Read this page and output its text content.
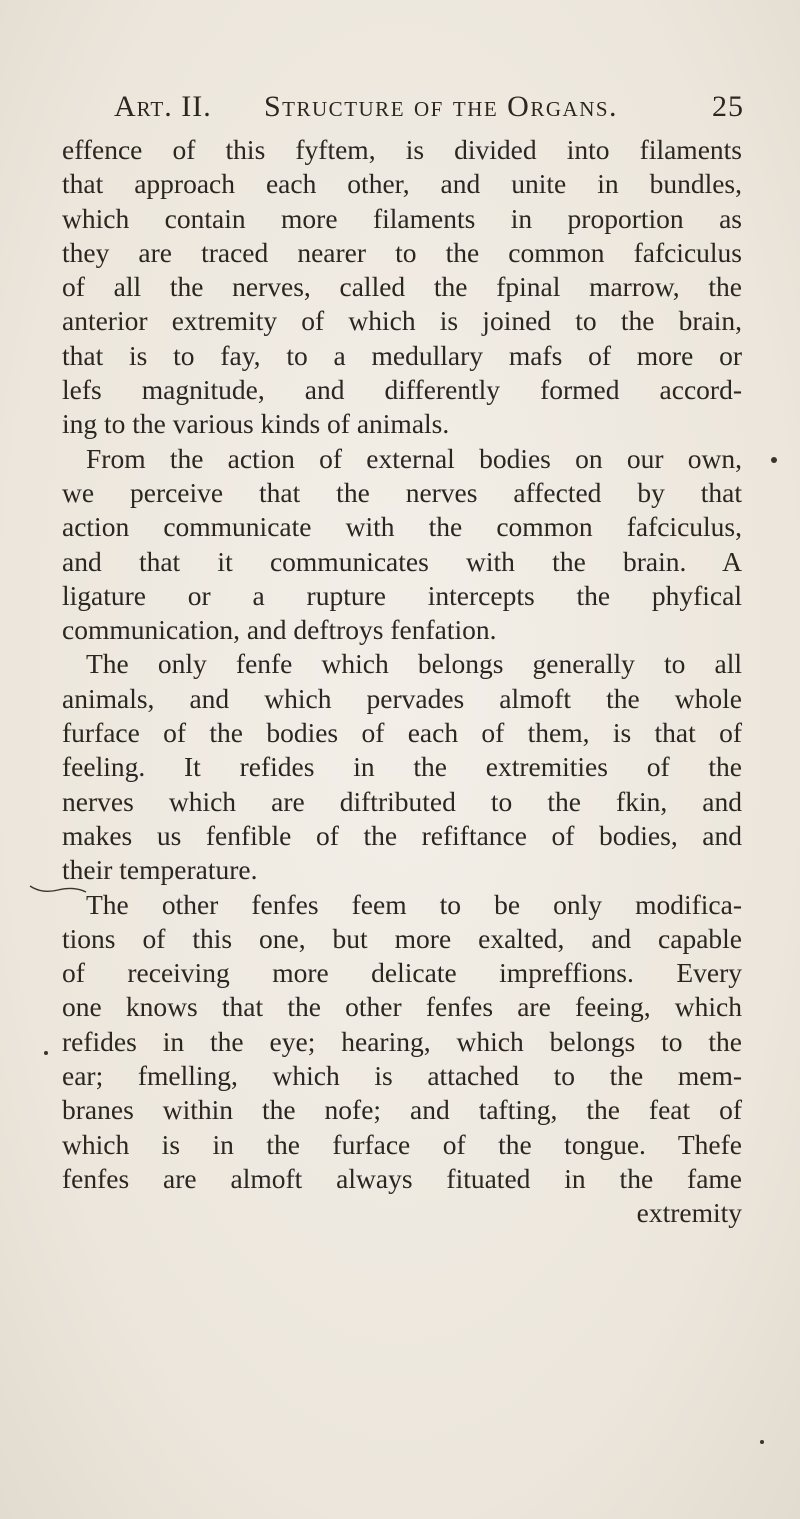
Art. II. Structure of the Organs.	25
effence of this fyftem, is divided into filaments
that approach each other, and unite in bundles,
which contain more filaments in proportion as
they are traced nearer to the common fafciculus
of all the nerves, called the fpinal marrow, the
anterior extremity of which is joined to the brain,
that is to fay, to a medullary mafs of more or
lefs magnitude, and differently formed accord-
ing to the various kinds of animals.
From the action of external bodies on our own,
we perceive that the nerves affected by that
action communicate with the common fafciculus,
and that it communicates with the brain. A
ligature or a rupture intercepts the phyfical
communication, and deftroys fenfation.
The only fenfe which belongs generally to all
animals, and which pervades almoft the whole
furface of the bodies of each of them, is that of
feeling. It refides in the extremities of the
nerves which are diftributed to the fkin, and
makes us fenfible of the refiftance of bodies, and
their temperature.
The other fenfes feem to be only modifica-
tions of this one, but more exalted, and capable
of receiving more delicate impreffions. Every
one knows that the other fenfes are feeing, which
refides in the eye; hearing, which belongs to the
ear; fmelling, which is attached to the mem-
branes within the nofe; and tafting, the feat of
which is in the furface of the tongue. Thefe
fenfes are almoft always fituated in the fame
extremity
